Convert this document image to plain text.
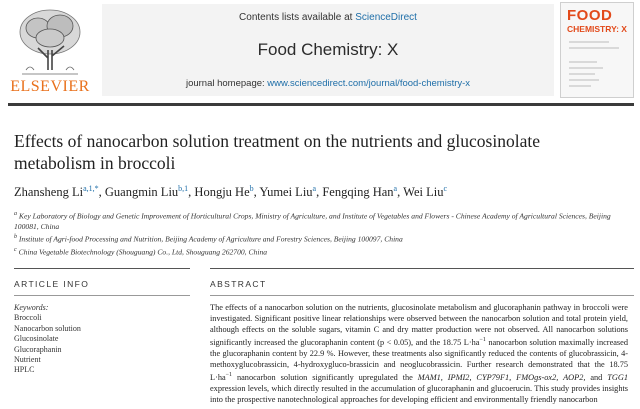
ELSEVIER
Contents lists available at ScienceDirect
Food Chemistry: X
journal homepage: www.sciencedirect.com/journal/food-chemistry-x
FOOD
CHEMISTRY: X
Effects of nanocarbon solution treatment on the nutrients and glucosinolate metabolism in broccoli
Zhansheng $Li^{a,1,*}$, Guangmin Liu$^{b,1}$, Hongju He$^b$, Yumei Liu$^a$, Fengqing Han$^a$, Wei Liu$^c$
$^a$ Key Laboratory of Biology and Genetic Improvement of Horticultural Crops, Ministry of Agriculture, and Institute of Vegetables and Flowers - Chinese Academy of Agricultural Sciences, Beijing 100081, China
$^b$ Institute of Agri-food Processing and Nutrition, Beijing Academy of Agriculture and Forestry Sciences, Beijing 100097, China
$^c$ China Vegetable Biotechnology (Shouguang) Co., Ltd, Shouguang 262700, China
ARTICLE INFO	ABSTRACT
Keywords:
Broccoli
Nanocarbon solution
Glucosinolate
Glucoraphanin
Nutrient
HPLC
The effects of a nanocarbon solution on the nutrients, glucosinolate metabolism and glucoraphanin pathway in broccoli were investigated. Significant positive linear relationships were observed between the nanocarbon solution and total protein yield, although effects on the soluble sugars, vitamin C and dry matter production were not observed. All nanocarbon solutions significantly increased the glucoraphanin content (p < 0.05), and the 18.75 $L\cdot ha^{-1}$ nanocarbon solution maximally increased the glucoraphanin content by 22.9 %. However, these treatments also significantly reduced the contents of glucobrassicin, 4-methoxyglucobrassicin, 4-hydroxygluco-brassicin and neoglucobrassicin. Further research demonstrated that the 18.75 $L\cdot ha^{-1}$ nanocarbon solution significantly upregulated the MAM1, IPMI2, CYP79F1, FMOgs-ox2, AOP2, and TGG1 expression levels, which directly resulted in the accumulation of glucoraphanin and glucoerucin. This study provides insights into the prospective nanotechnological approaches for developing efficient and environmentally friendly nanocarbon
